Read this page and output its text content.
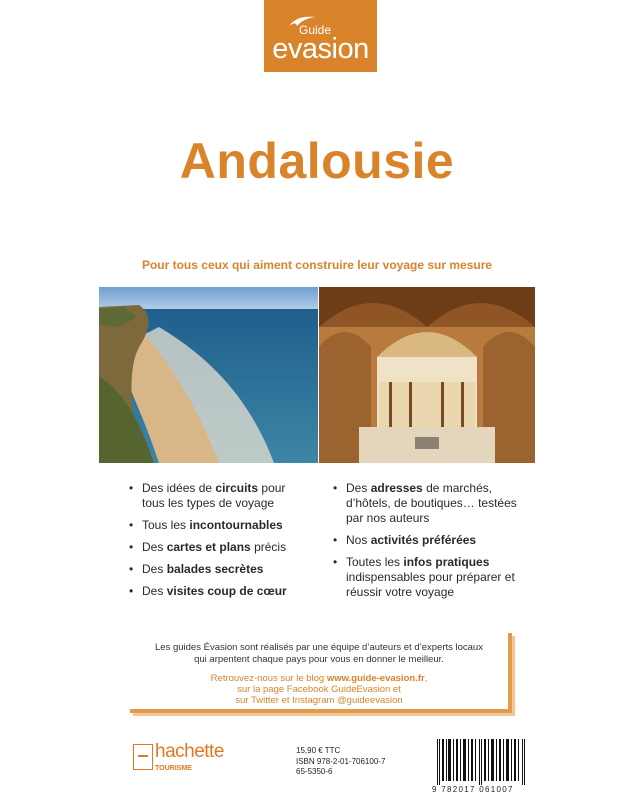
Guide
evasion
Andalousie
Pour tous ceux qui aiment construire leur voyage sur mesure
• Des idées de circuits pour tous les types de voyage
• Tous les incontournables
• Des cartes et plans précis
• Des balades secrètes
• Des visites coup de cœur
• Des adresses de marchés, d’hôtels, de boutiques… testées par nos auteurs
• Nos activités préférées
• Toutes les infos pratiques indispensables pour préparer et réussir votre voyage
Les guides Évasion sont réalisés par une équipe d’auteurs et d’experts locaux
qui arpentent chaque pays pour vous en donner le meilleur.
Retrouvez-nous sur le blog www.guide-evasion.fr,
sur la page Facebook GuideEvasion et
sur Twitter et Instagram @guideevasion
hachette
TOURISME
15,90 € TTC
ISBN 978-2-01-706100-7
65-5350-6
9 782017 061007
